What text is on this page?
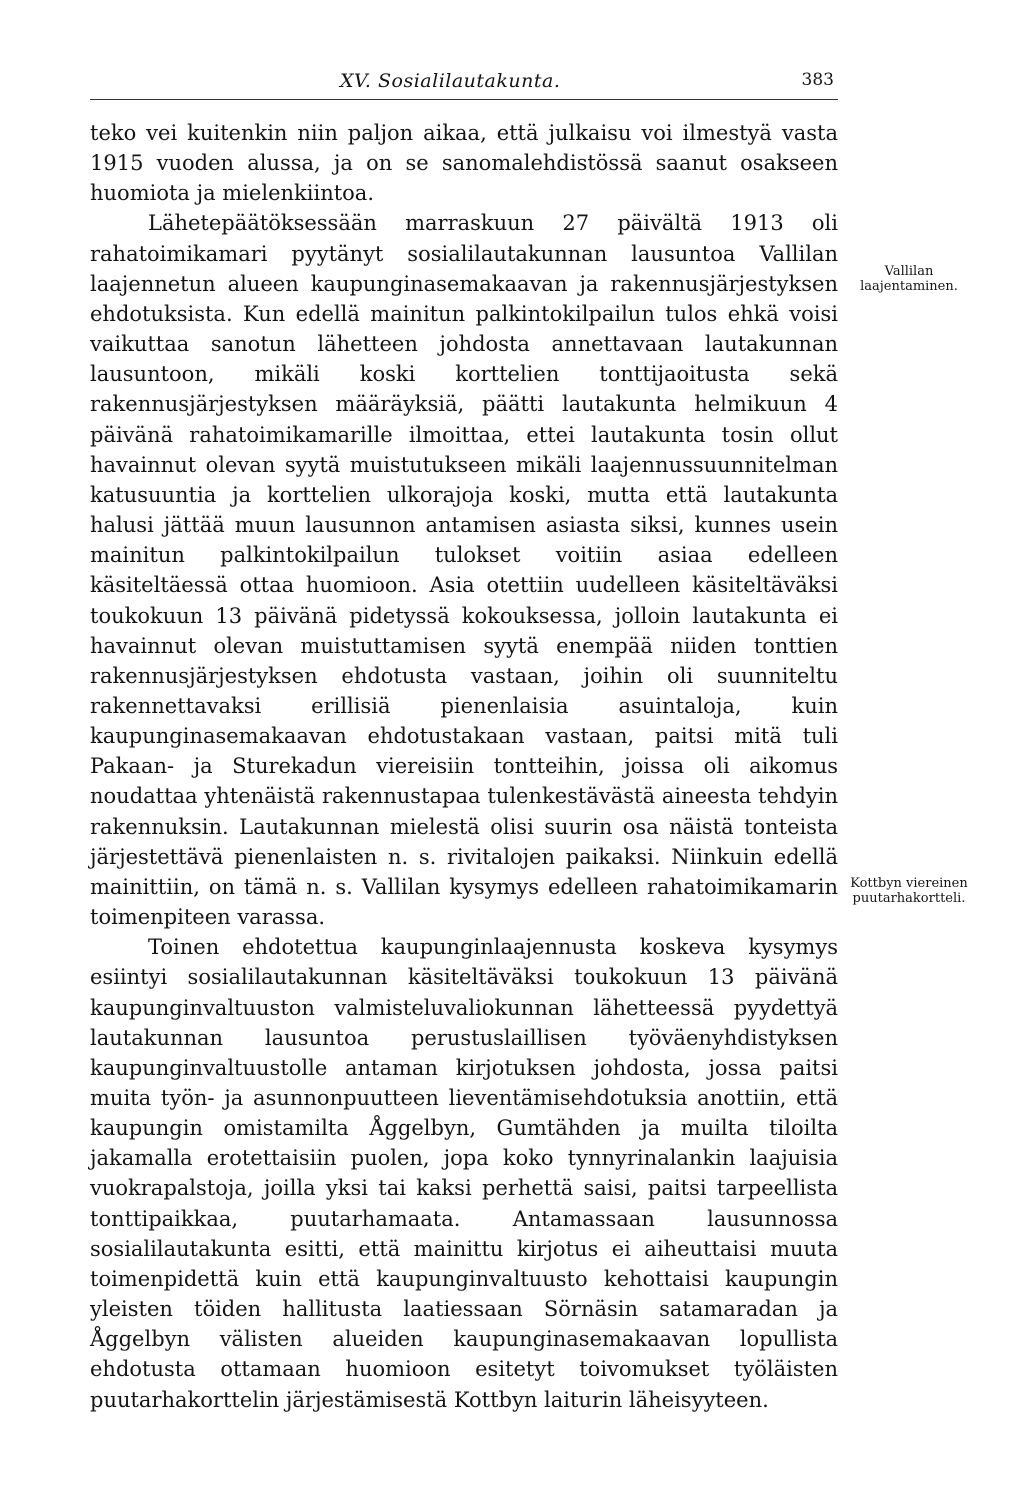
XV. Sosialilautakunta.	383

teko vei kuitenkin niin paljon aikaa, että julkaisu voi ilmestyä vasta 1915 vuoden alussa, ja on se sanomalehdistössä saanut osakseen huomiota ja mielenkiintoa.

Lähetepäätöksessään marraskuun 27 päivältä 1913 oli rahatoimikamari pyytänyt sosialilautakunnan lausuntoa Vallilan laajennetun alueen kaupunginasemakaavan ja rakennusjärjestyksen ehdotuksista. Kun edellä mainitun palkintokilpailun tulos ehkä voisi vaikuttaa sanotun lähetteen johdosta annettavaan lautakunnan lausuntoon, mikäli koski korttelien tonttijaoitusta sekä rakennusjärjestyksen määräyksiä, päätti lautakunta helmikuun 4 päivänä rahatoimikamarille ilmoittaa, ettei lautakunta tosin ollut havainnut olevan syytä muistutukseen mikäli laajennussuunnitelman katusuuntia ja korttelien ulkorajoja koski, mutta että lautakunta halusi jättää muun lausunnon antamisen asiasta siksi, kunnes usein mainitun palkintokilpailun tulokset voitiin asiaa edelleen käsiteltäessä ottaa huomioon. Asia otettiin uudelleen käsiteltäväksi toukokuun 13 päivänä pidetyssä kokouksessa, jolloin lautakunta ei havainnut olevan muistuttamisen syytä enempää niiden tonttien rakennusjärjestyksen ehdotusta vastaan, joihin oli suunniteltu rakennettavaksi erillisiä pienenlaisia asuintaloja, kuin kaupunginasemakaavan ehdotustakaan vastaan, paitsi mitä tuli Pakaan- ja Sturekadun viereisiin tontteihin, joissa oli aikomus noudattaa yhtenäistä rakennustapaa tulenkestävästä aineesta tehdyin rakennuksin. Lautakunnan mielestä olisi suurin osa näistä tonteista järjestettävä pienenlaisten n. s. rivitalojen paikaksi. Niinkuin edellä mainittiin, on tämä n. s. Vallilan kysymys edelleen rahatoimikamarin toimenpiteen varassa.

Toinen ehdotettua kaupunginlaajennusta koskeva kysymys esiintyi sosialilautakunnan käsiteltäväksi toukokuun 13 päivänä kaupunginvaltuuston valmisteluvaliokunnan lähetteessä pyydettyä lautakunnan lausuntoa perustuslaillisen työväenyhdistyksen kaupunginvaltuustolle antaman kirjotuksen johdosta, jossa paitsi muita työn- ja asunnonpuutteen lieventämisehdotuksia anottiin, että kaupungin omistamilta Åggelbyn, Gumtähden ja muilta tiloilta jakamalla erotettaisiin puolen, jopa koko tynnyrinalankin laajuisia vuokrapalstoja, joilla yksi tai kaksi perhettä saisi, paitsi tarpeellista tonttipaikkaa, puutarhamaata. Antamassaan lausunnossa sosialilautakunta esitti, että mainittu kirjotus ei aiheuttaisi muuta toimenpidettä kuin että kaupunginvaltuusto kehottaisi kaupungin yleisten töiden hallitusta laatiessaan Sörnäsin satamaradan ja Åggelbyn välisten alueiden kaupunginasemakaavan lopullista ehdotusta ottamaan huomioon esitetyt toivomukset työläisten puutarhakorttelin järjestämisestä Kottbyn laiturin läheisyyteen.

Vallilan laajentaminen.
Kottbyn viereinen puutarhakortteli.
